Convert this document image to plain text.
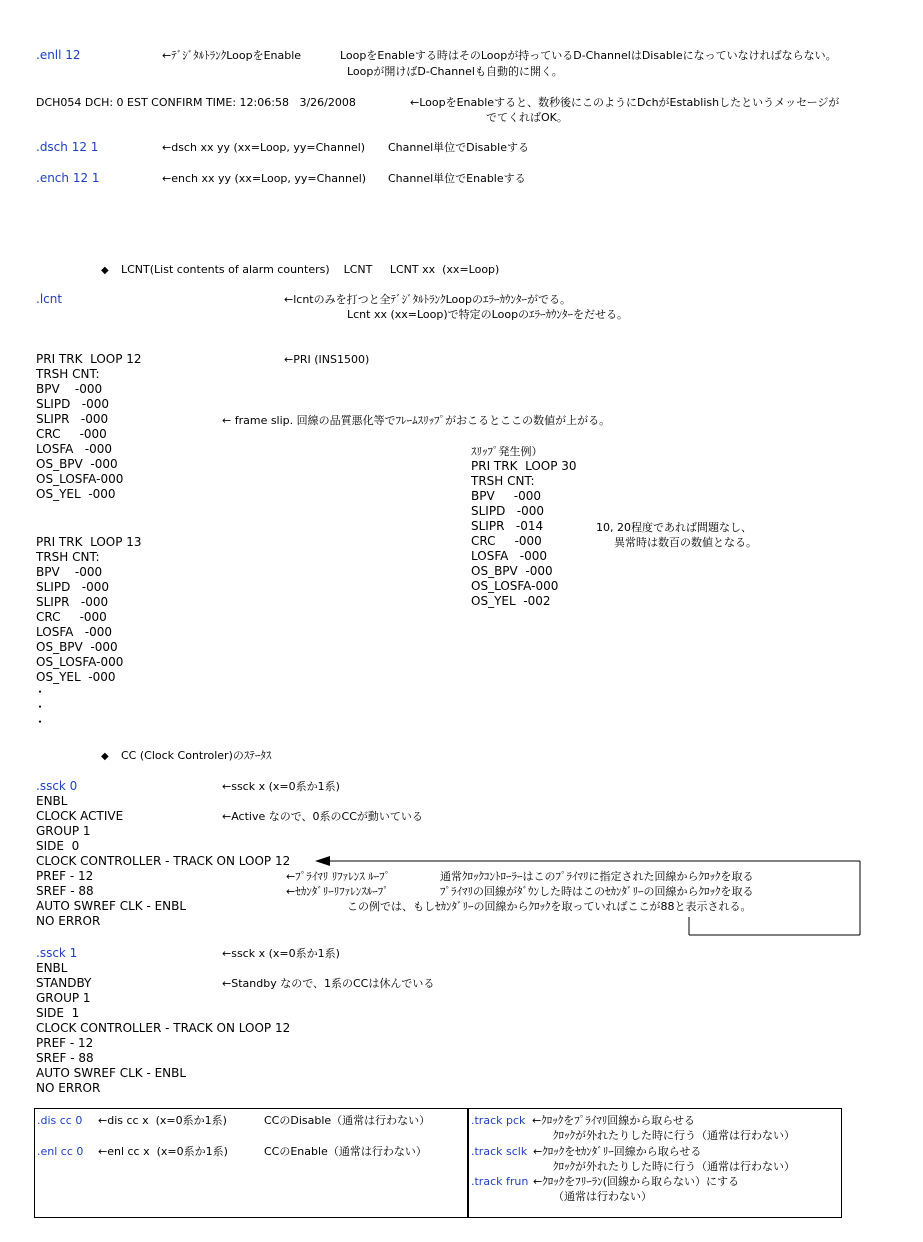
.enll 12	←ﾃﾞｼﾞﾀﾙﾄﾗﾝｸLoopをEnable	LoopをEnableする時はそのLoopが持っているD-ChannelはDisableになっていなければならない。
Loopが開けばD-Channelも自動的に開く。
DCH054 DCH: 0 EST CONFIRM TIME: 12:06:58   3/26/2008	←LoopをEnableすると、数秒後にこのようにDchがEstablishしたというメッセージが
でてくればOK。
.dsch 12 1	←dsch xx yy (xx=Loop, yy=Channel) Channel単位でDisableする
.ench 12 1	←ench xx yy (xx=Loop, yy=Channel) Channel単位でEnableする
◆ LCNT(List contents of alarm counters)    LCNT     LCNT xx  (xx=Loop)
.lcnt	←lcntのみを打つと全ﾃﾞｼﾞﾀﾙﾄﾗﾝｸLoopのｴﾗｰｶｳﾝﾀｰがでる。
Lcnt xx (xx=Loop)で特定のLoopのｴﾗｰｶｳﾝﾀｰをだせる。
PRI TRK  LOOP 12
TRSH CNT:
BPV    -000
SLIPD   -000
SLIPR   -000
CRC     -000
LOSFA   -000
OS_BPV  -000
OS_LOSFA-000
OS_YEL  -000
←PRI (INS1500)
← frame slip. 回線の品質悪化等でﾌﾚｰﾑｽﾘｯﾌﾟがおこるとここの数値が上がる。
ｽﾘｯﾌﾟ発生例）
PRI TRK  LOOP 30
TRSH CNT:
BPV     -000
SLIPD   -000
SLIPR   -014
CRC     -000
LOSFA   -000
OS_BPV  -000
OS_LOSFA-000
OS_YEL  -002
10, 20程度であれば問題なし、
異常時は数百の数値となる。
PRI TRK  LOOP 13
TRSH CNT:
BPV    -000
SLIPD   -000
SLIPR   -000
CRC     -000
LOSFA   -000
OS_BPV  -000
OS_LOSFA-000
OS_YEL  -000
・
・
・
◆ CC (Clock Controler)のｽﾃｰﾀｽ
.ssck 0	←ssck x (x=0系か1系)
ENBL
CLOCK ACTIVE
GROUP 1
SIDE  0
CLOCK CONTROLLER - TRACK ON LOOP 12
PREF - 12
SREF - 88
AUTO SWREF CLK - ENBL
NO ERROR
←Active なので、0系のCCが動いている
←ﾌﾟﾗｲﾏﾘ ﾘﾌｧﾚﾝｽ ﾙｰﾌﾟ	通常ｸﾛｯｸｺﾝﾄﾛｰﾗｰはこのﾌﾟﾗｲﾏﾘに指定された回線からｸﾛｯｸを取る
←ｾｶﾝﾀﾞﾘｰﾘﾌｧﾚﾝｽﾙｰﾌﾟ	ﾌﾟﾗｲﾏﾘの回線がﾀﾞｳﾝした時はこのｾｶﾝﾀﾞﾘｰの回線からｸﾛｯｸを取る
この例では、もしｾｶﾝﾀﾞﾘｰの回線からｸﾛｯｸを取っていればここが88と表示される。
.ssck 1	←ssck x (x=0系か1系)
ENBL
STANDBY
GROUP 1
SIDE  1
CLOCK CONTROLLER - TRACK ON LOOP 12
PREF - 12
SREF - 88
AUTO SWREF CLK - ENBL
NO ERROR
←Standby なので、1系のCCは休んでいる
.dis cc 0 ←dis cc x  (x=0系か1系)	CCのDisable（通常は行わない）
.enl cc 0 ←enl cc x  (x=0系か1系)	CCのEnable（通常は行わない）
.track pck ←ｸﾛｯｸをﾌﾟﾗｲﾏﾘ回線から取らせる
ｸﾛｯｸが外れたりした時に行う（通常は行わない）
.track sclk ←ｸﾛｯｸをｾｶﾝﾀﾞﾘｰ回線から取らせる
ｸﾛｯｸが外れたりした時に行う（通常は行わない）
.track frun ←ｸﾛｯｸをﾌﾘｰﾗﾝ(回線から取らない）にする
（通常は行わない）
